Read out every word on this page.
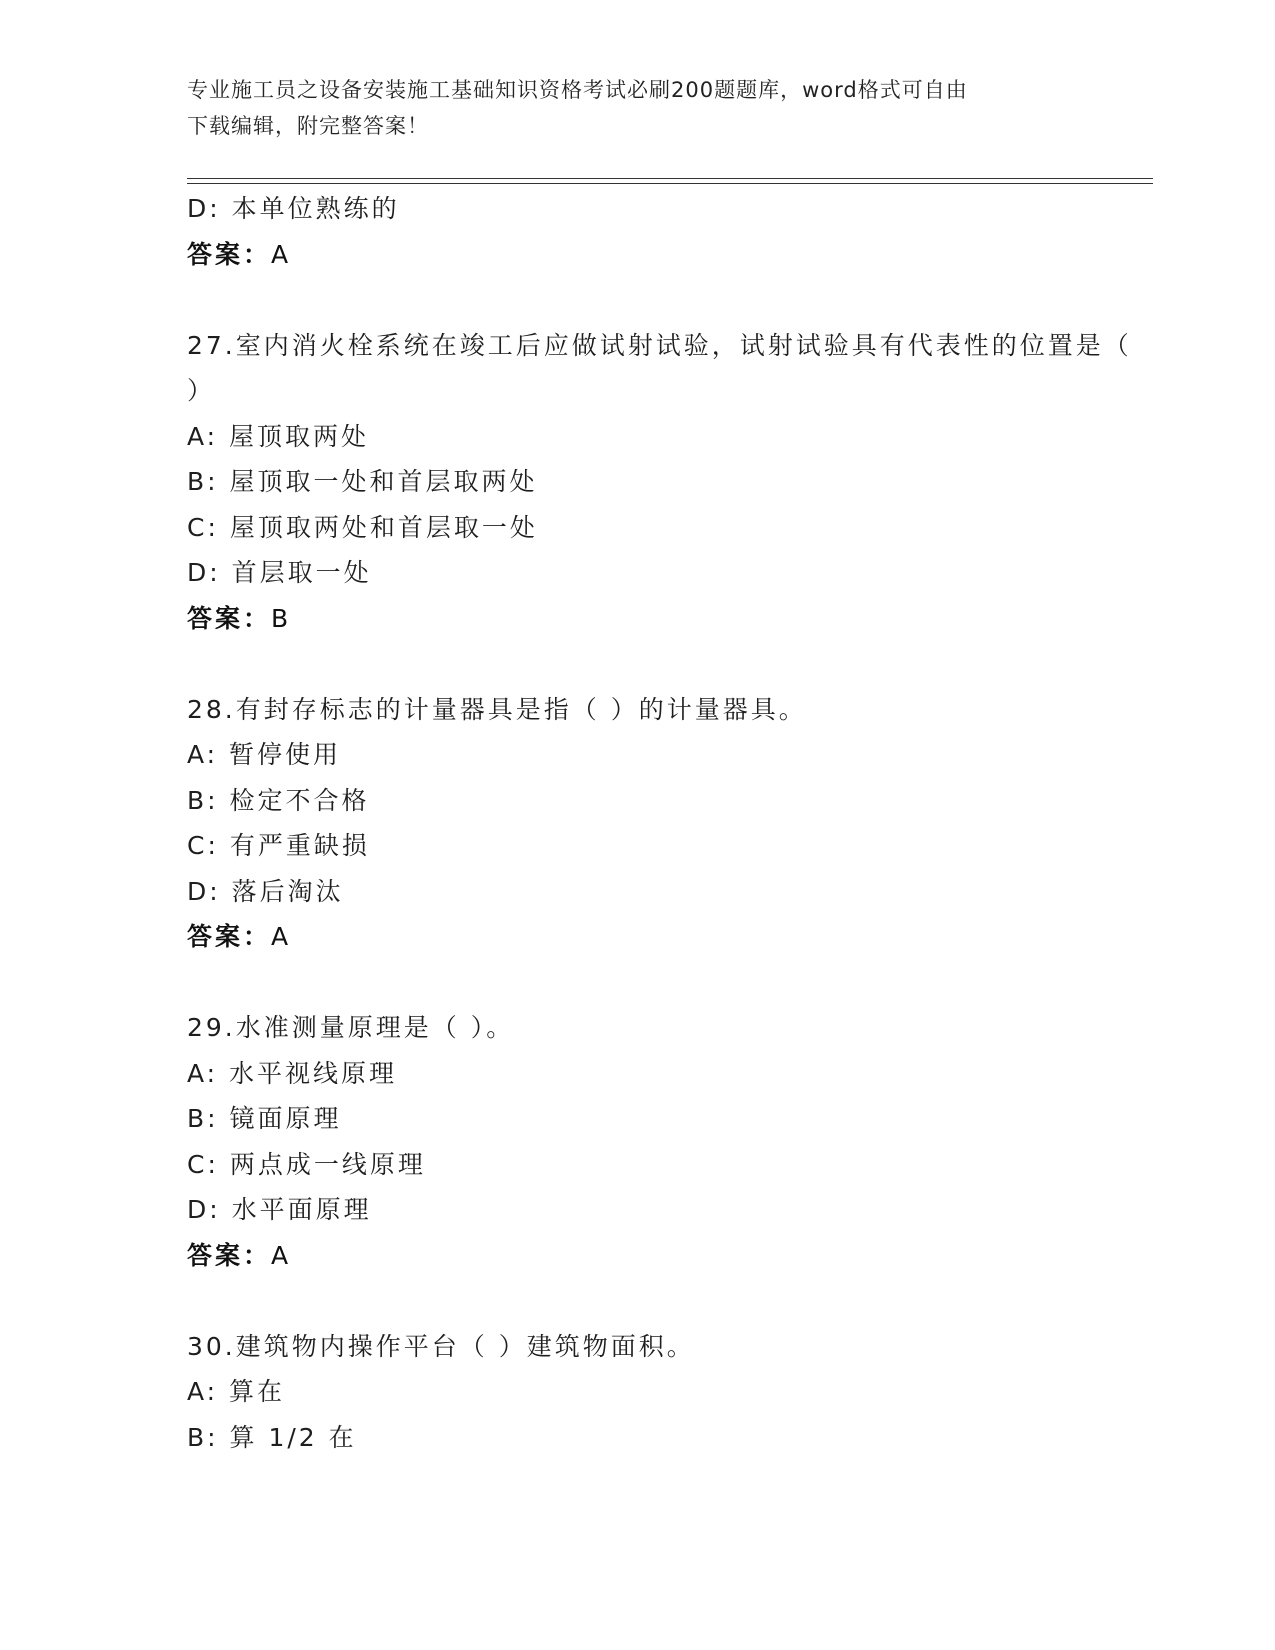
专业施工员之设备安装施工基础知识资格考试必刷200题题库，word格式可自由
下载编辑，附完整答案！
D: 本单位熟练的
答案：A
27.室内消火栓系统在竣工后应做试射试验，试射试验具有代表性的位置是（ ）
A: 屋顶取两处
B: 屋顶取一处和首层取两处
C: 屋顶取两处和首层取一处
D: 首层取一处
答案：B
28.有封存标志的计量器具是指（ ）的计量器具。
A: 暂停使用
B: 检定不合格
C: 有严重缺损
D: 落后淘汰
答案：A
29.水准测量原理是（ ）。
A: 水平视线原理
B: 镜面原理
C: 两点成一线原理
D: 水平面原理
答案：A
30.建筑物内操作平台（ ）建筑物面积。
A: 算在
B: 算 1/2 在
